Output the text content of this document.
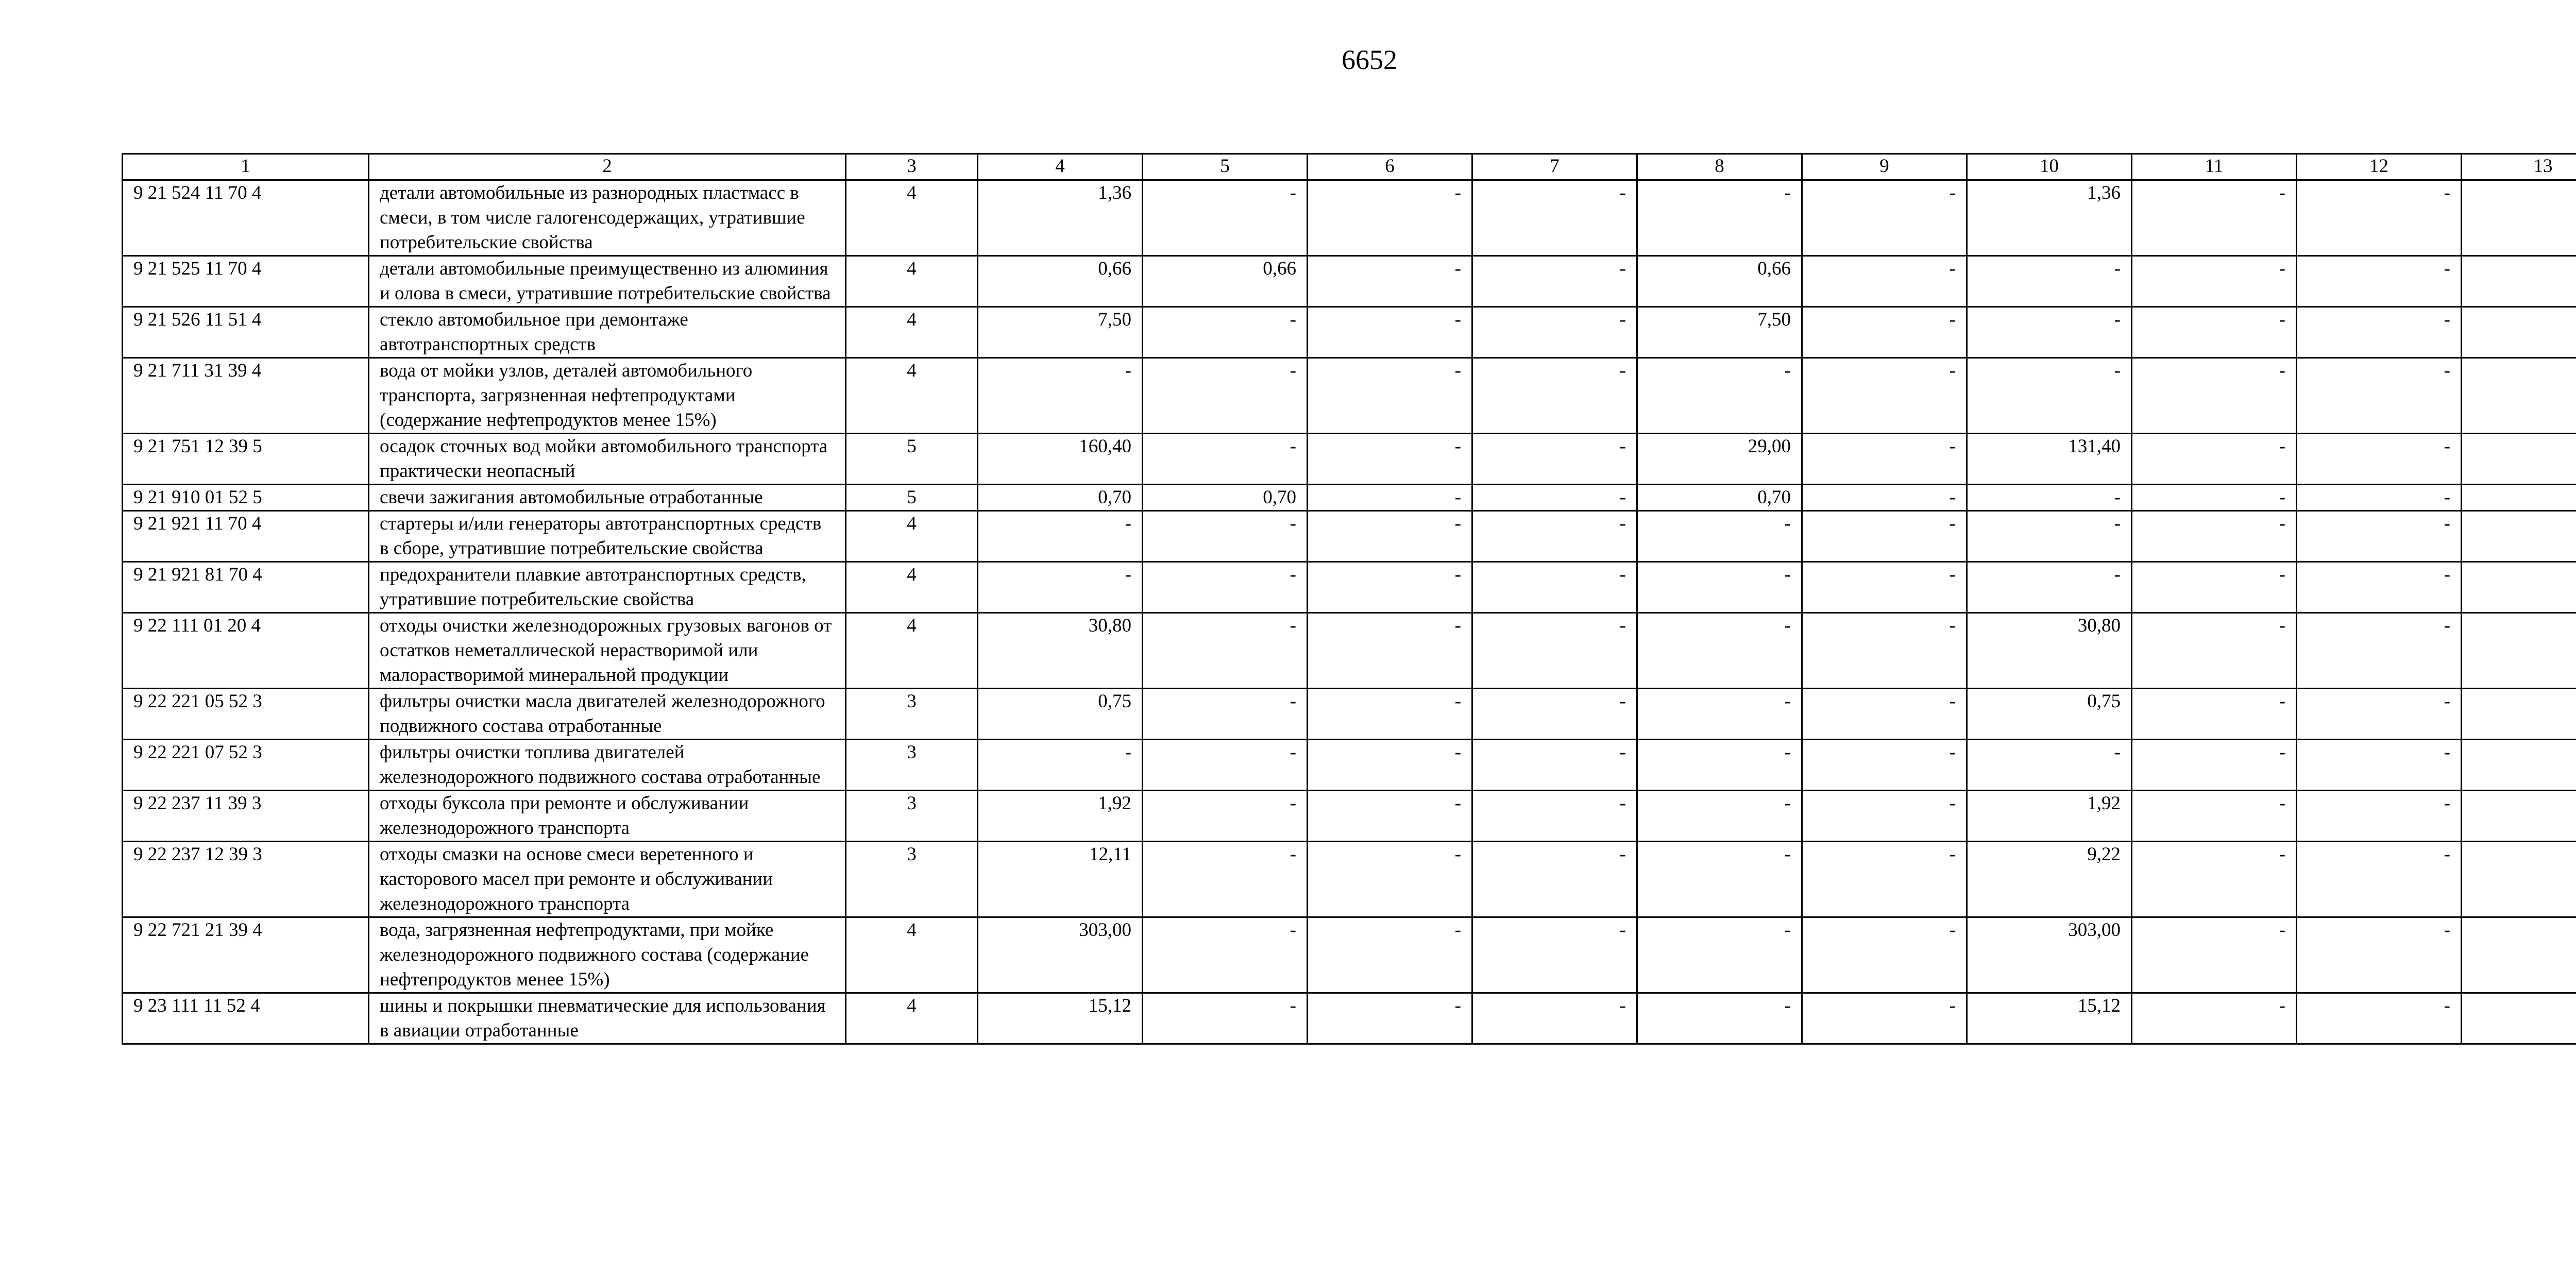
6652
1	2	3	4	5	6	7	8	9	10	11	12	13
9 21 524 11 70 4	детали автомобильные из разнородных пластмасс в смеси, в том числе галогенсодержащих, утратившие потребительские свойства	4	1,36	-	-	-	-	-	1,36	-	-	
9 21 525 11 70 4	детали автомобильные преимущественно из алюминия и олова в смеси, утратившие потребительские свойства	4	0,66	0,66	-	-	0,66	-	-	-	-	
9 21 526 11 51 4	стекло автомобильное при демонтаже автотранспортных средств	4	7,50	-	-	-	7,50	-	-	-	-	
9 21 711 31 39 4	вода от мойки узлов, деталей автомобильного транспорта, загрязненная нефтепродуктами (содержание нефтепродуктов менее 15%)	4	-	-	-	-	-	-	-	-	-	
9 21 751 12 39 5	осадок сточных вод мойки автомобильного транспорта практически неопасный	5	160,40	-	-	-	29,00	-	131,40	-	-	
9 21 910 01 52 5	свечи зажигания автомобильные отработанные	5	0,70	0,70	-	-	0,70	-	-	-	-	
9 21 921 11 70 4	стартеры и/или генераторы автотранспортных средств в сборе, утратившие потребительские свойства	4	-	-	-	-	-	-	-	-	-	
9 21 921 81 70 4	предохранители плавкие автотранспортных средств, утратившие потребительские свойства	4	-	-	-	-	-	-	-	-	-	
9 22 111 01 20 4	отходы очистки железнодорожных грузовых вагонов от остатков неметаллической нерастворимой или малорастворимой минеральной продукции	4	30,80	-	-	-	-	-	30,80	-	-	
9 22 221 05 52 3	фильтры очистки масла двигателей железнодорожного подвижного состава отработанные	3	0,75	-	-	-	-	-	0,75	-	-	
9 22 221 07 52 3	фильтры очистки топлива двигателей железнодорожного подвижного состава отработанные	3	-	-	-	-	-	-	-	-	-	
9 22 237 11 39 3	отходы буксола при ремонте и обслуживании железнодорожного транспорта	3	1,92	-	-	-	-	-	1,92	-	-	
9 22 237 12 39 3	отходы смазки на основе смеси веретенного и касторового масел при ремонте и обслуживании железнодорожного транспорта	3	12,11	-	-	-	-	-	9,22	-	-	
9 22 721 21 39 4	вода, загрязненная нефтепродуктами, при мойке железнодорожного подвижного состава (содержание нефтепродуктов менее 15%)	4	303,00	-	-	-	-	-	303,00	-	-	
9 23 111 11 52 4	шины и покрышки пневматические для использования в авиации отработанные	4	15,12	-	-	-	-	-	15,12	-	-	
